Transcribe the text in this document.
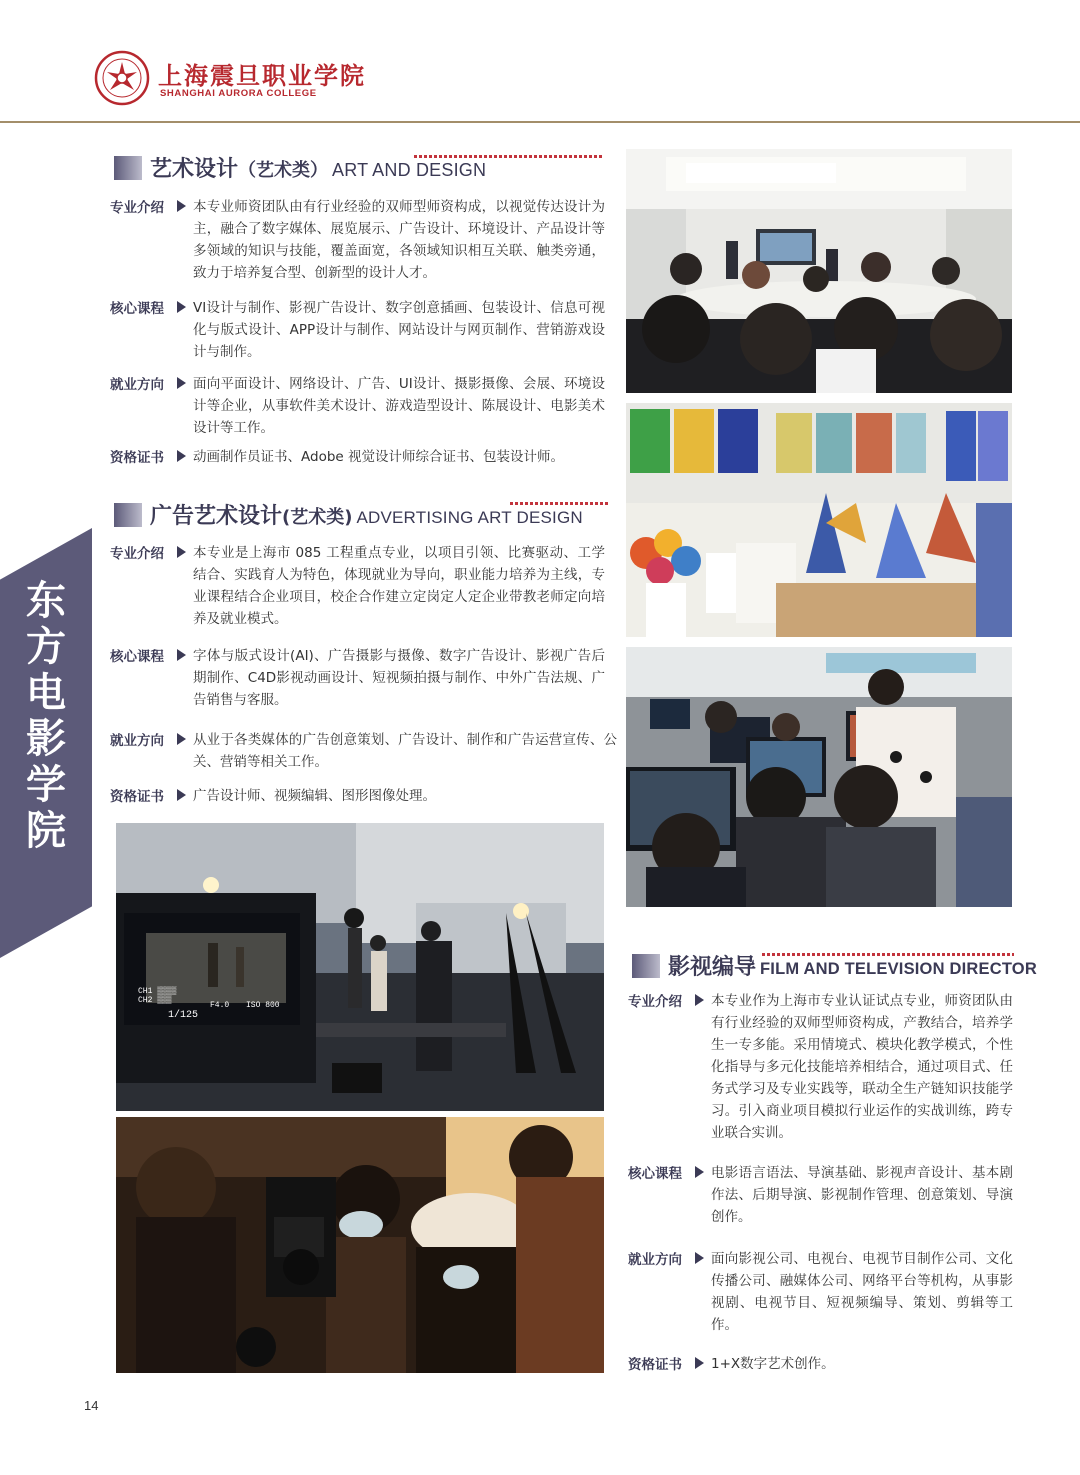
上海震旦职业学院
SHANGHAI AURORA COLLEGE
东
方
电
影
学
院
艺术设计（艺术类） ART AND DESIGN
专业介绍	本专业师资团队由有行业经验的双师型师资构成，以视觉传达设计为主，融合了数字媒体、展览展示、广告设计、环境设计、产品设计等多领域的知识与技能，覆盖面宽，各领域知识相互关联、触类旁通，致力于培养复合型、创新型的设计人才。
核心课程	VI设计与制作、影视广告设计、数字创意插画、包装设计、信息可视化与版式设计、APP设计与制作、网站设计与网页制作、营销游戏设计与制作。
就业方向	面向平面设计、网络设计、广告、UI设计、摄影摄像、会展、环境设计等企业，从事软件美术设计、游戏造型设计、陈展设计、电影美术设计等工作。
资格证书	动画制作员证书、Adobe 视觉设计师综合证书、包装设计师。
广告艺术设计(艺术类) ADVERTISING ART DESIGN
专业介绍	本专业是上海市 085 工程重点专业，以项目引领、比赛驱动、工学结合、实践育人为特色，体现就业为导向，职业能力培养为主线，专业课程结合企业项目，校企合作建立定岗定人定企业带教老师定向培养及就业模式。
核心课程	字体与版式设计(AI)、广告摄影与摄像、数字广告设计、影视广告后期制作、C4D影视动画设计、短视频拍摄与制作、中外广告法规、广告销售与客服。
就业方向	从业于各类媒体的广告创意策划、广告设计、制作和广告运营宣传、公关、营销等相关工作。
资格证书	广告设计师、视频编辑、图形图像处理。
影视编导 FILM AND TELEVISION DIRECTOR
专业介绍	本专业作为上海市专业认证试点专业，师资团队由有行业经验的双师型师资构成，产教结合，培养学生一专多能。采用情境式、模块化教学模式，个性化指导与多元化技能培养相结合，通过项目式、任务式学习及专业实践等，联动全生产链知识技能学习。引入商业项目模拟行业运作的实战训练，跨专业联合实训。
核心课程	电影语言语法、导演基础、影视声音设计、基本剧作法、后期导演、影视制作管理、创意策划、导演创作。
就业方向	面向影视公司、电视台、电视节目制作公司、文化传播公司、融媒体公司、网络平台等机构，从事影视剧、电视节目、短视频编导、策划、剪辑等工作。
资格证书	1+X数字艺术创作。
CH1 ▒▒▒▒
CH2 ▒▒▒
1/125
F4.0 ISO 800
14
